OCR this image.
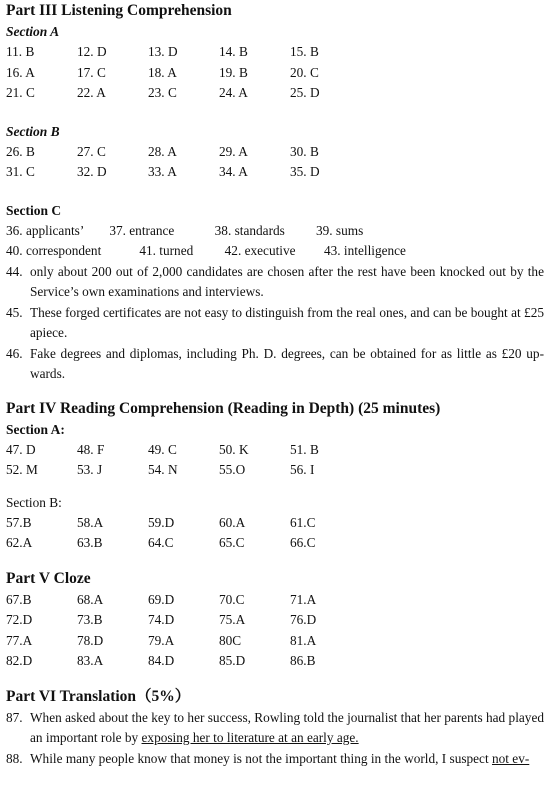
Part III Listening Comprehension
Section A
11. B	12. D	13. D	14. B	15. B
16. A	17. C	18. A	19. B	20. C
21. C	22. A	23. C	24. A	25. D
Section B
26. B	27. C	28. A	29. A	30. B
31. C	32. D	33. A	34. A	35. D
Section C
36. applicants’ 37. entrance	38. standards 39. sums
40. correspondent	41. turned 42. executive 43. intelligence
44. only about 200 out of 2,000 candidates are chosen after the rest have been knocked out by the Service’s own examinations and interviews.
45. These forged certificates are not easy to distinguish from the real ones, and can be bought at £25 apiece.
46. Fake degrees and diplomas, including Ph. D. degrees, can be obtained for as little as £20 up-wards.
Part IV Reading Comprehension (Reading in Depth) (25 minutes)
Section A:
47. D	48. F	49. C	50. K	51. B
52. M	53. J	54. N	55.O	56. I
Section B:
57.B	58.A	59.D	60.A	61.C
62.A	63.B	64.C	65.C	66.C
Part V Cloze
67.B	68.A	69.D	70.C	71.A
72.D	73.B	74.D	75.A	76.D
77.A	78.D	79.A	80C	81.A
82.D	83.A	84.D	85.D	86.B
Part VI Translation（5%）
87. When asked about the key to her success, Rowling told the journalist that her parents had played an important role by exposing her to literature at an early age.
88. While many people know that money is not the important thing in the world, I suspect not ev-
